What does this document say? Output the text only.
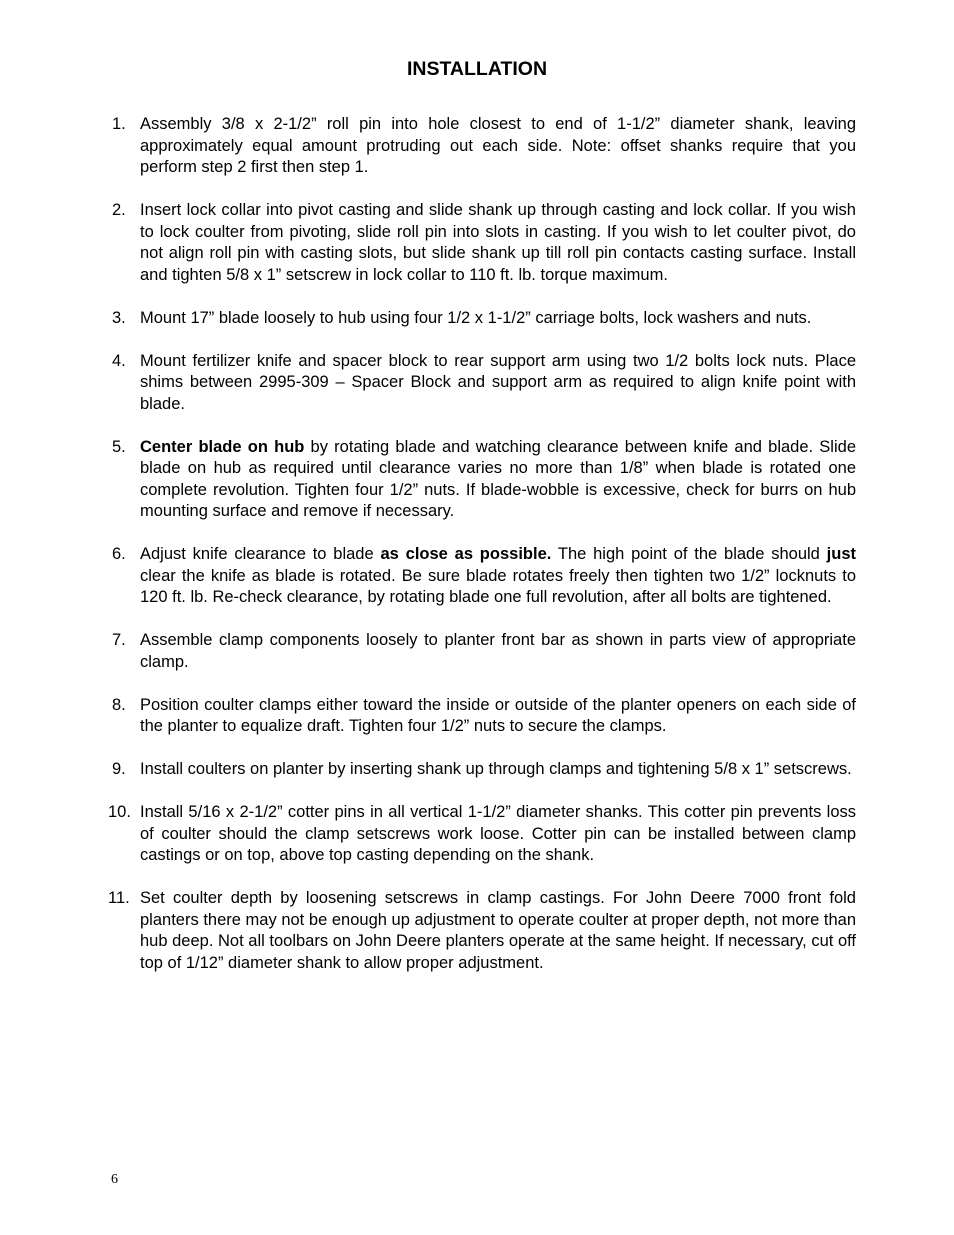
INSTALLATION
1. Assembly 3/8 x 2-1/2” roll pin into hole closest to end of 1-1/2” diameter shank, leaving approximately equal amount protruding out each side. Note: offset shanks require that you perform step 2 first then step 1.
2. Insert lock collar into pivot casting and slide shank up through casting and lock collar. If you wish to lock coulter from pivoting, slide roll pin into slots in casting. If you wish to let coulter pivot, do not align roll pin with casting slots, but slide shank up till roll pin contacts casting surface. Install and tighten 5/8 x 1” setscrew in lock collar to 110 ft. lb. torque maximum.
3. Mount 17” blade loosely to hub using four 1/2 x 1-1/2” carriage bolts, lock washers and nuts.
4. Mount fertilizer knife and spacer block to rear support arm using two 1/2 bolts lock nuts. Place shims between 2995-309 – Spacer Block and support arm as required to align knife point with blade.
5. Center blade on hub by rotating blade and watching clearance between knife and blade. Slide blade on hub as required until clearance varies no more than 1/8” when blade is rotated one complete revolution. Tighten four 1/2” nuts. If blade-wobble is excessive, check for burrs on hub mounting surface and remove if necessary.
6. Adjust knife clearance to blade as close as possible. The high point of the blade should just clear the knife as blade is rotated. Be sure blade rotates freely then tighten two 1/2” locknuts to 120 ft. lb. Re-check clearance, by rotating blade one full revolution, after all bolts are tightened.
7. Assemble clamp components loosely to planter front bar as shown in parts view of appropriate clamp.
8. Position coulter clamps either toward the inside or outside of the planter openers on each side of the planter to equalize draft. Tighten four 1/2” nuts to secure the clamps.
9. Install coulters on planter by inserting shank up through clamps and tightening 5/8 x 1” setscrews.
10. Install 5/16 x 2-1/2” cotter pins in all vertical 1-1/2” diameter shanks. This cotter pin prevents loss of coulter should the clamp setscrews work loose. Cotter pin can be installed between clamp castings or on top, above top casting depending on the shank.
11. Set coulter depth by loosening setscrews in clamp castings. For John Deere 7000 front fold planters there may not be enough up adjustment to operate coulter at proper depth, not more than hub deep. Not all toolbars on John Deere planters operate at the same height. If necessary, cut off top of 1/12” diameter shank to allow proper adjustment.
6
